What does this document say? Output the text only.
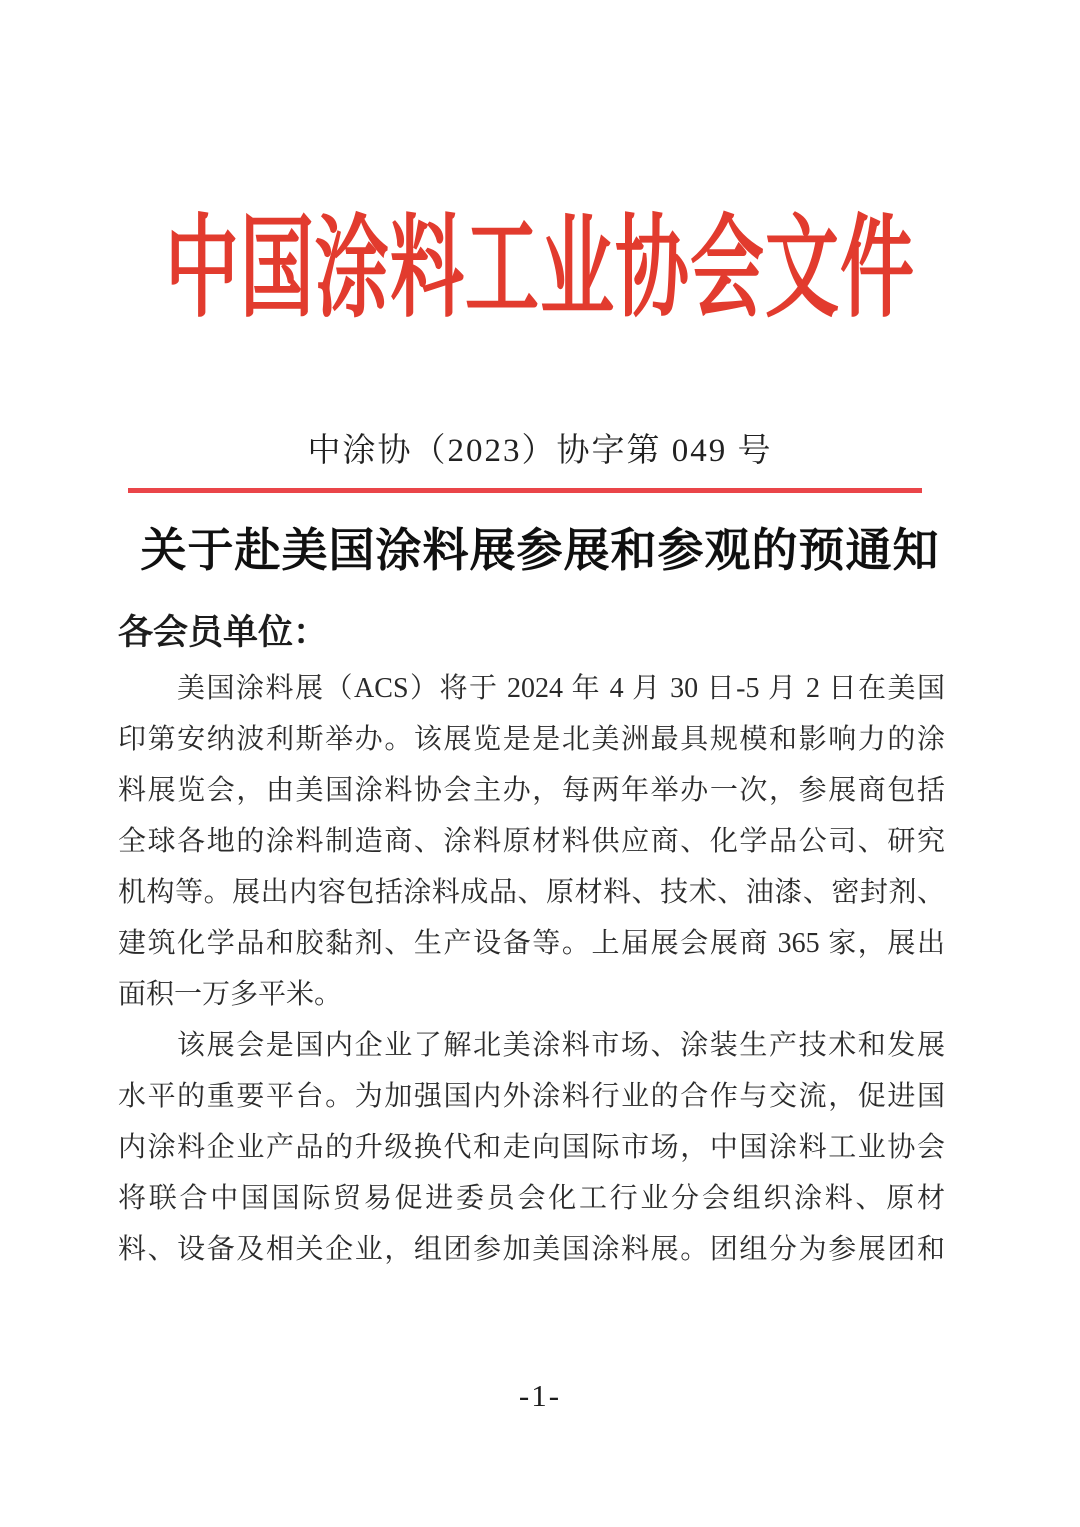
中国涂料工业协会文件
中涂协（2023）协字第 049 号
关于赴美国涂料展参展和参观的预通知
各会员单位：
美国涂料展（ACS）将于 2024 年 4 月 30 日-5 月 2 日在美国
印第安纳波利斯举办。该展览是是北美洲最具规模和影响力的涂
料展览会，由美国涂料协会主办，每两年举办一次，参展商包括
全球各地的涂料制造商、涂料原材料供应商、化学品公司、研究
机构等。展出内容包括涂料成品、原材料、技术、油漆、密封剂、
建筑化学品和胶黏剂、生产设备等。上届展会展商 365 家，展出
面积一万多平米。
该展会是国内企业了解北美涂料市场、涂装生产技术和发展
水平的重要平台。为加强国内外涂料行业的合作与交流，促进国
内涂料企业产品的升级换代和走向国际市场，中国涂料工业协会
将联合中国国际贸易促进委员会化工行业分会组织涂料、原材
料、设备及相关企业，组团参加美国涂料展。团组分为参展团和
-1-
